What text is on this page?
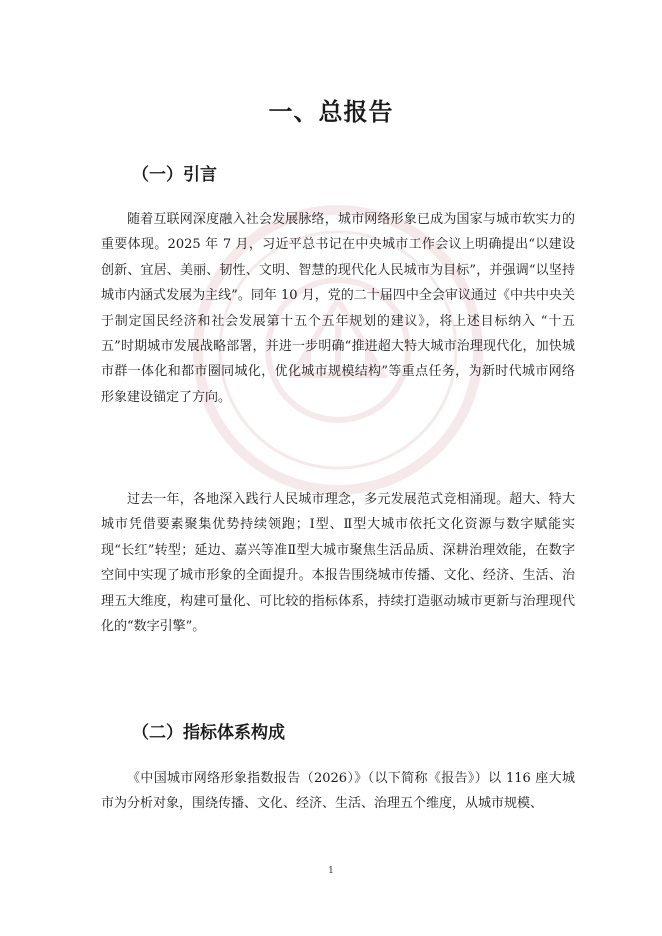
一、总报告
（一）引言

随着互联网深度融入社会发展脉络，城市网络形象已成为国家与城市软实力的重要体现。2025 年 7 月，习近平总书记在中央城市工作会议上明确提出“以建设创新、宜居、美丽、韧性、文明、智慧的现代化人民城市为目标”，并强调“以坚持城市内涵式发展为主线”。同年 10 月，党的二十届四中全会审议通过《中共中央关于制定国民经济和社会发展第十五个五年规划的建议》，将上述目标纳入 “十五五”时期城市发展战略部署，并进一步明确“推进超大特大城市治理现代化，加快城市群一体化和都市圈同城化，优化城市规模结构”等重点任务，为新时代城市网络形象建设锚定了方向。

过去一年，各地深入践行人民城市理念，多元发展范式竞相涌现。超大、特大城市凭借要素聚集优势持续领跑；Ⅰ型、Ⅱ型大城市依托文化资源与数字赋能实现“长红”转型；延边、嘉兴等准Ⅱ型大城市聚焦生活品质、深耕治理效能，在数字空间中实现了城市形象的全面提升。本报告围绕城市传播、文化、经济、生活、治理五大维度，构建可量化、可比较的指标体系，持续打造驱动城市更新与治理现代化的“数字引擎”。

（二）指标体系构成

《中国城市网络形象指数报告（2026）》（以下简称《报告》）以 116 座大城市为分析对象，围绕传播、文化、经济、生活、治理五个维度，从城市规模、

1
